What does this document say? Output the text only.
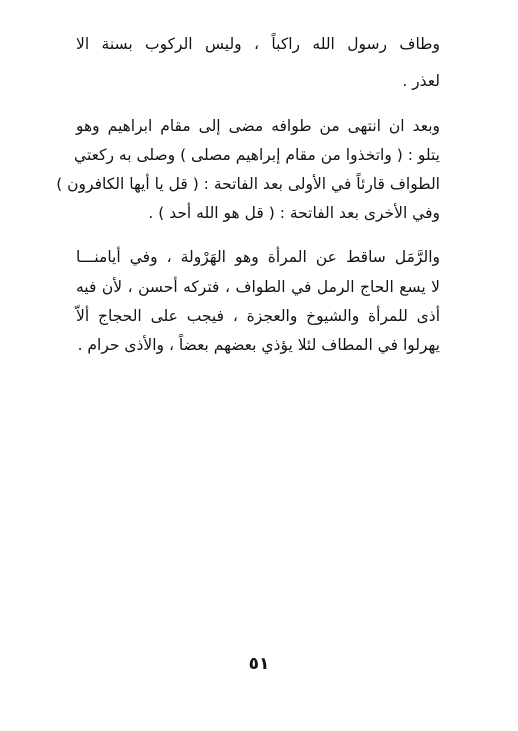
وطاف رسول الله راكباً ، وليس الركوب بسنة الا
لعذر .
وبعد ان انتهى من طوافه مضى إلى مقام ابراهيم وهو
يتلو : ( واتخذوا من مقام إبراهيم مصلى ) وصلى به ركعتي
الطواف قارئاً في الأولى بعد الفاتحة : ( قل يا أيها الكافرون )
وفي الأخرى بعد الفاتحة : ( قل هو الله أحد ) .
والرَّمَل ساقط عن المرأة وهو الهَرْولة ، وفي أيامنـــا
لا يسع الحاج الرمل في الطواف ، فتركه أحسن ، لأن فيه
أذى للمرأة والشيوخ والعجزة ، فيجب على الحجاج ألاّ
يهرلوا في المطاف لئلا يؤذي بعضهم بعضاً ، والأذى حرام .
٥١
